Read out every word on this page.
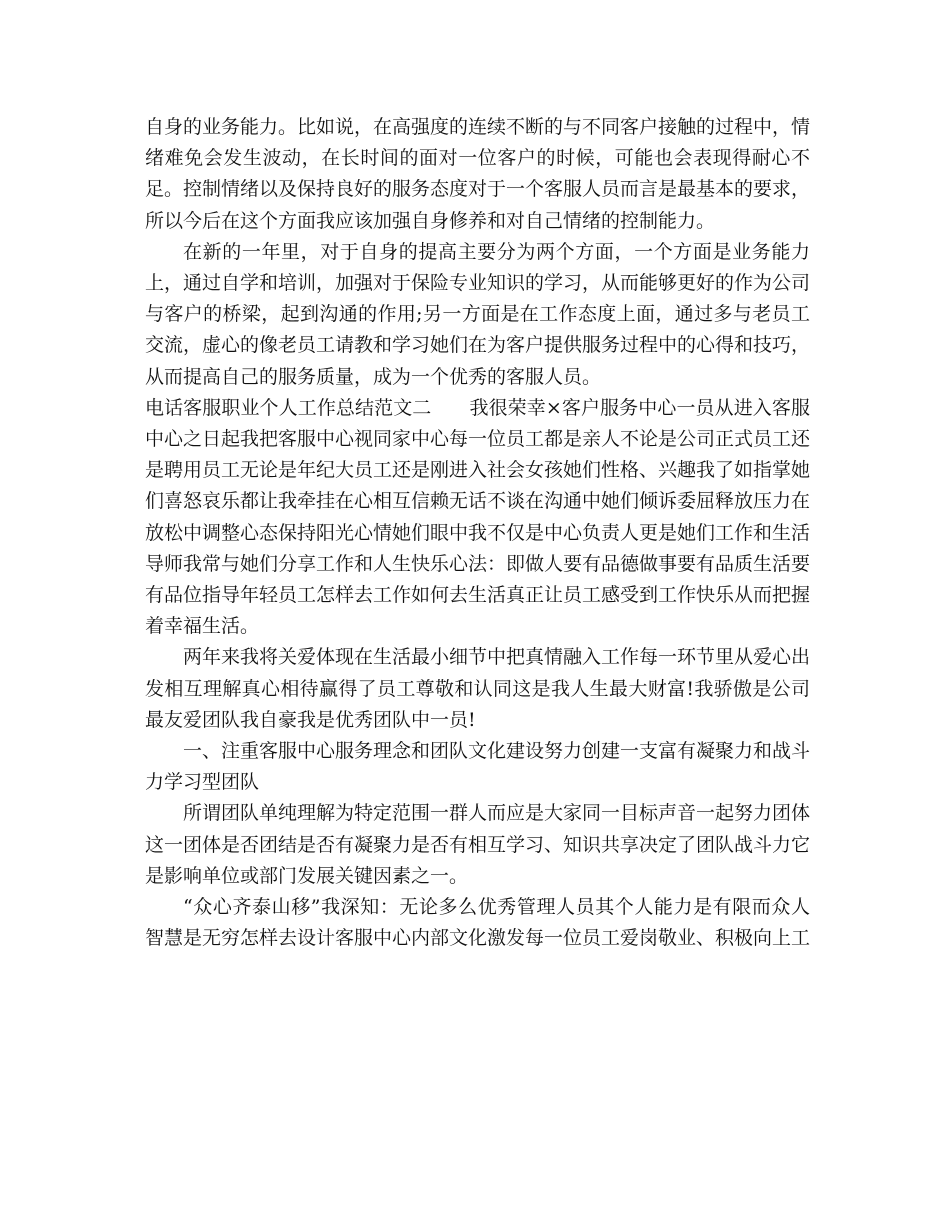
自身的业务能力。比如说，在高强度的连续不断的与不同客户接触的过程中，情绪难免会发生波动，在长时间的面对一位客户的时候，可能也会表现得耐心不足。控制情绪以及保持良好的服务态度对于一个客服人员而言是最基本的要求，所以今后在这个方面我应该加强自身修养和对自己情绪的控制能力。

在新的一年里，对于自身的提高主要分为两个方面，一个方面是业务能力上，通过自学和培训，加强对于保险专业知识的学习，从而能够更好的作为公司与客户的桥梁，起到沟通的作用;另一方面是在工作态度上面，通过多与老员工交流，虚心的像老员工请教和学习她们在为客户提供服务过程中的心得和技巧，从而提高自己的服务质量，成为一个优秀的客服人员。

电话客服职业个人工作总结范文二 我很荣幸×客户服务中心一员从进入客服中心之日起我把客服中心视同家中心每一位员工都是亲人不论是公司正式员工还是聘用员工无论是年纪大员工还是刚进入社会女孩她们性格、兴趣我了如指掌她们喜怒哀乐都让我牵挂在心相互信赖无话不谈在沟通中她们倾诉委屈释放压力在放松中调整心态保持阳光心情她们眼中我不仅是中心负责人更是她们工作和生活导师我常与她们分享工作和人生快乐心法：即做人要有品德做事要有品质生活要有品位指导年轻员工怎样去工作如何去生活真正让员工感受到工作快乐从而把握着幸福生活。

两年来我将关爱体现在生活最小细节中把真情融入工作每一环节里从爱心出发相互理解真心相待赢得了员工尊敬和认同这是我人生最大财富!我骄傲是公司最友爱团队我自豪我是优秀团队中一员!

一、注重客服中心服务理念和团队文化建设努力创建一支富有凝聚力和战斗力学习型团队

所谓团队单纯理解为特定范围一群人而应是大家同一目标声音一起努力团体这一团体是否团结是否有凝聚力是否有相互学习、知识共享决定了团队战斗力它是影响单位或部门发展关键因素之一。

“众心齐泰山移”我深知：无论多么优秀管理人员其个人能力是有限而众人智慧是无穷怎样去设计客服中心内部文化激发每一位员工爱岗敬业、积极向上工
